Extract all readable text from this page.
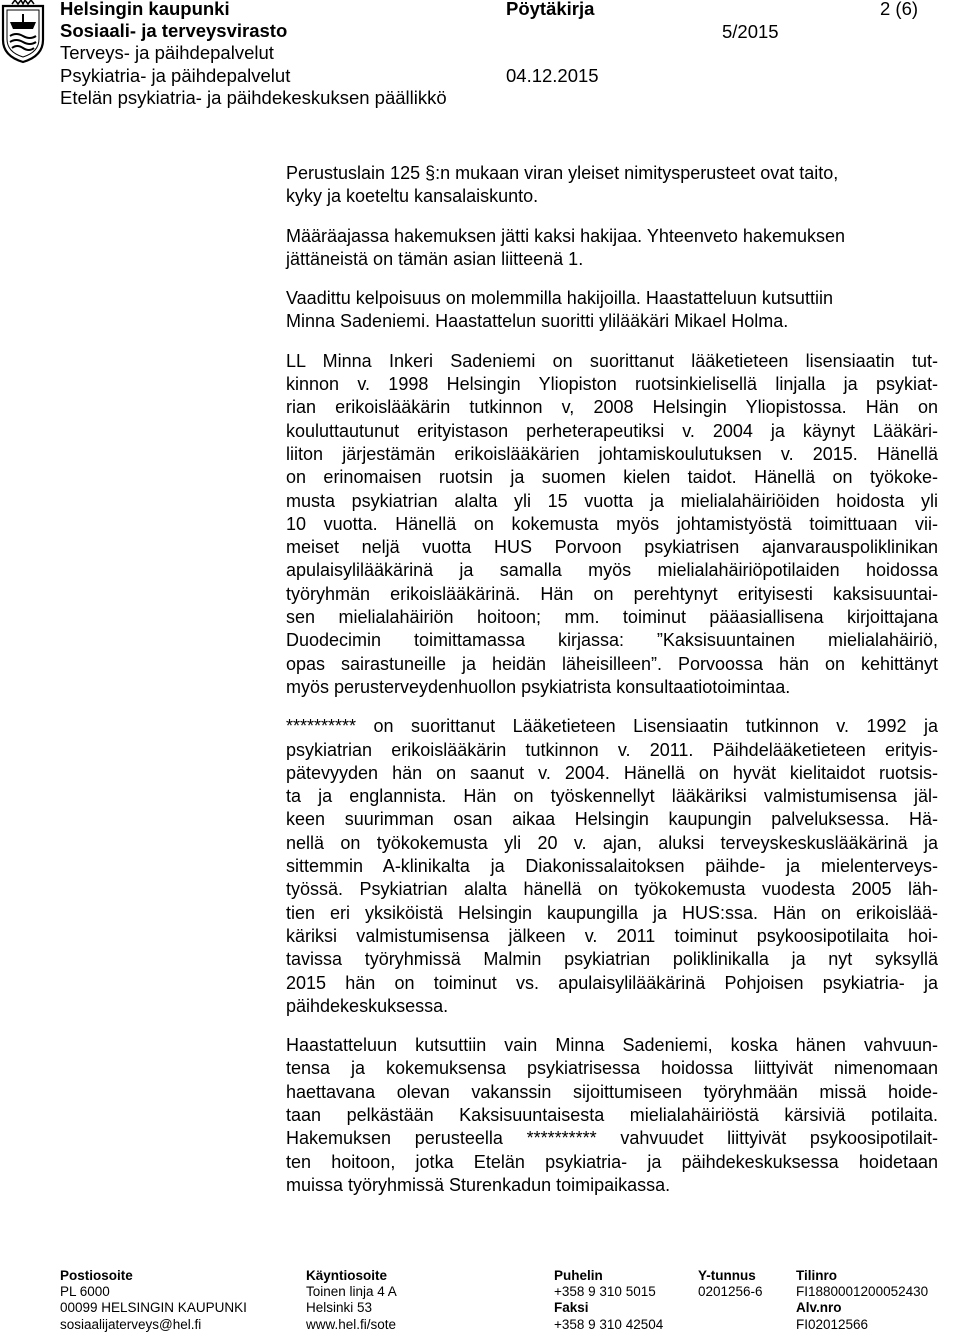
Helsingin kaupunki	Pöytäkirja	2 (6)
Sosiaali- ja terveysvirasto	5/2015
Terveys- ja päihdepalvelut
Psykiatria- ja päihdepalvelut	04.12.2015
Etelän psykiatria- ja päihdekeskuksen päällikkö
Perustuslain 125 §:n mukaan viran yleiset nimitysperusteet ovat taito,
kyky ja koeteltu kansalaiskunto.
Määräajassa hakemuksen jätti kaksi hakijaa. Yhteenveto hakemuksen
jättäneistä on tämän asian liitteenä 1.
Vaadittu kelpoisuus on molemmilla hakijoilla. Haastatteluun kutsuttiin
Minna Sadeniemi. Haastattelun suoritti ylilääkäri Mikael Holma.
LL Minna Inkeri Sadeniemi on suorittanut lääketieteen lisensiaatin tut-
kinnon v. 1998 Helsingin Yliopiston ruotsinkielisellä linjalla ja psykiat-
rian erikoislääkärin tutkinnon v, 2008 Helsingin Yliopistossa. Hän on
kouluttautunut erityistason perheterapeutiksi v. 2004 ja käynyt Lääkäri-
liiton järjestämän erikoislääkärien johtamiskoulutuksen v. 2015. Hänellä
on erinomaisen ruotsin ja suomen kielen taidot. Hänellä on työkoke-
musta psykiatrian alalta yli 15 vuotta ja mielialahäiriöiden hoidosta yli
10 vuotta. Hänellä on kokemusta myös johtamistyöstä toimittuaan vii-
meiset neljä vuotta HUS Porvoon psykiatrisen ajanvarauspoliklinikan
apulaisylilääkärinä ja samalla myös mielialahäiriöpotilaiden hoidossa
työryhmän erikoislääkärinä. Hän on perehtynyt erityisesti kaksisuuntai-
sen mielialahäiriön hoitoon; mm. toiminut pääasiallisena kirjoittajana
Duodecimin toimittamassa kirjassa: ”Kaksisuuntainen mielialahäiriö,
opas sairastuneille ja heidän läheisilleen”. Porvoossa hän on kehittänyt
myös perusterveydenhuollon psykiatrista konsultaatiotoimintaa.
********** on suorittanut Lääketieteen Lisensiaatin tutkinnon v. 1992 ja
psykiatrian erikoislääkärin tutkinnon v. 2011. Päihdelääketieteen erityis-
pätevyyden hän on saanut v. 2004. Hänellä on hyvät kielitaidot ruotsis-
ta ja englannista. Hän on työskennellyt lääkäriksi valmistumisensa jäl-
keen suurimman osan aikaa Helsingin kaupungin palveluksessa. Hä-
nellä on työkokemusta yli 20 v. ajan, aluksi terveyskeskuslääkärinä ja
sittemmin A-klinikalta ja Diakonissalaitoksen päihde- ja mielenterveys-
työssä. Psykiatrian alalta hänellä on työkokemusta vuodesta 2005 läh-
tien eri yksiköistä Helsingin kaupungilla ja HUS:ssa. Hän on erikoislää-
käriksi valmistumisensa jälkeen v. 2011 toiminut psykoosipotilaita hoi-
tavissa työryhmissä Malmin psykiatrian poliklinikalla ja nyt syksyllä
2015 hän on toiminut vs. apulaisylilääkärinä Pohjoisen psykiatria- ja
päihdekeskuksessa.
Haastatteluun kutsuttiin vain Minna Sadeniemi, koska hänen vahvuun-
tensa ja kokemuksensa psykiatrisessa hoidossa liittyivät nimenomaan
haettavana olevan vakanssin sijoittumiseen työryhmään missä hoide-
taan pelkästään Kaksisuuntaisesta mielialahäiriöstä kärsiviä potilaita.
Hakemuksen perusteella ********** vahvuudet liittyivät psykoosipotilait-
ten hoitoon, jotka Etelän psykiatria- ja päihdekeskuksessa hoidetaan
muissa työryhmissä Sturenkadun toimipaikassa.
Postiosoite
PL 6000
00099 HELSINGIN KAUPUNKI
sosiaalijaterveys@hel.fi
Käyntiosoite
Toinen linja 4 A
Helsinki 53
www.hel.fi/sote
Puhelin
+358 9 310 5015
Faksi
+358 9 310 42504
Y-tunnus
0201256-6
Tilinro
FI1880001200052430
Alv.nro
FI02012566
